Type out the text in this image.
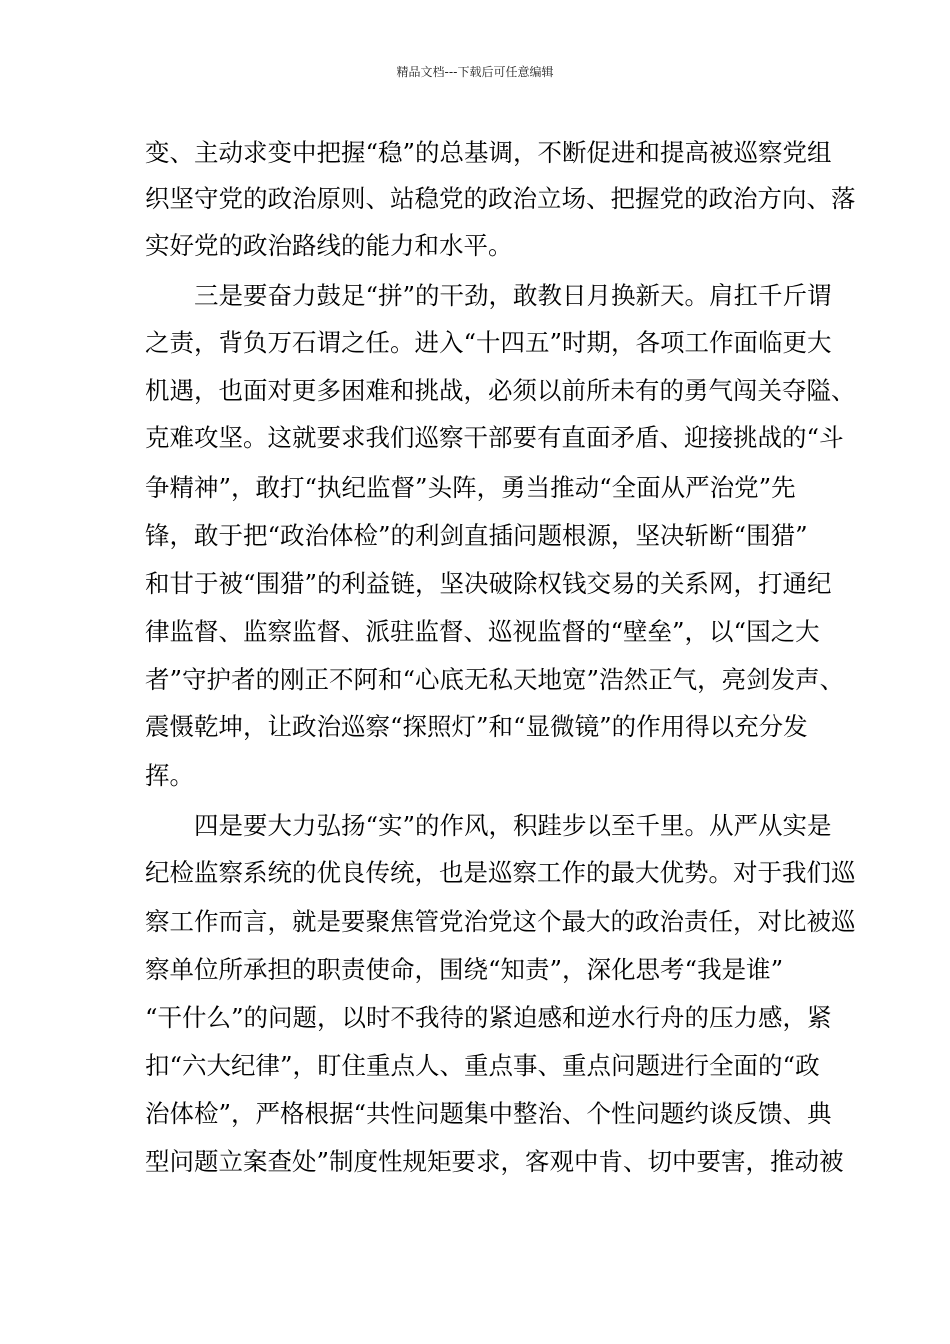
精品文档---下载后可任意编辑
变、主动求变中把握“稳”的总基调，不断促进和提高被巡察党组
织坚守党的政治原则、站稳党的政治立场、把握党的政治方向、落
实好党的政治路线的能力和水平。
三是要奋力鼓足“拼”的干劲，敢教日月换新天。肩扛千斤谓
之责，背负万石谓之任。进入“十四五”时期，各项工作面临更大
机遇，也面对更多困难和挑战，必须以前所未有的勇气闯关夺隘、
克难攻坚。这就要求我们巡察干部要有直面矛盾、迎接挑战的“斗
争精神”，敢打“执纪监督”头阵，勇当推动“全面从严治党”先
锋，敢于把“政治体检”的利剑直插问题根源，坚决斩断“围猎”
和甘于被“围猎”的利益链，坚决破除权钱交易的关系网，打通纪
律监督、监察监督、派驻监督、巡视监督的“壁垒”，以“国之大
者”守护者的刚正不阿和“心底无私天地宽”浩然正气，亮剑发声、
震慑乾坤，让政治巡察“探照灯”和“显微镜”的作用得以充分发
挥。
四是要大力弘扬“实”的作风，积跬步以至千里。从严从实是
纪检监察系统的优良传统，也是巡察工作的最大优势。对于我们巡
察工作而言，就是要聚焦管党治党这个最大的政治责任，对比被巡
察单位所承担的职责使命，围绕“知责”，深化思考“我是谁”
“干什么”的问题，以时不我待的紧迫感和逆水行舟的压力感，紧
扣“六大纪律”，盯住重点人、重点事、重点问题进行全面的“政
治体检”，严格根据“共性问题集中整治、个性问题约谈反馈、典
型问题立案查处”制度性规矩要求，客观中肯、切中要害，推动被
